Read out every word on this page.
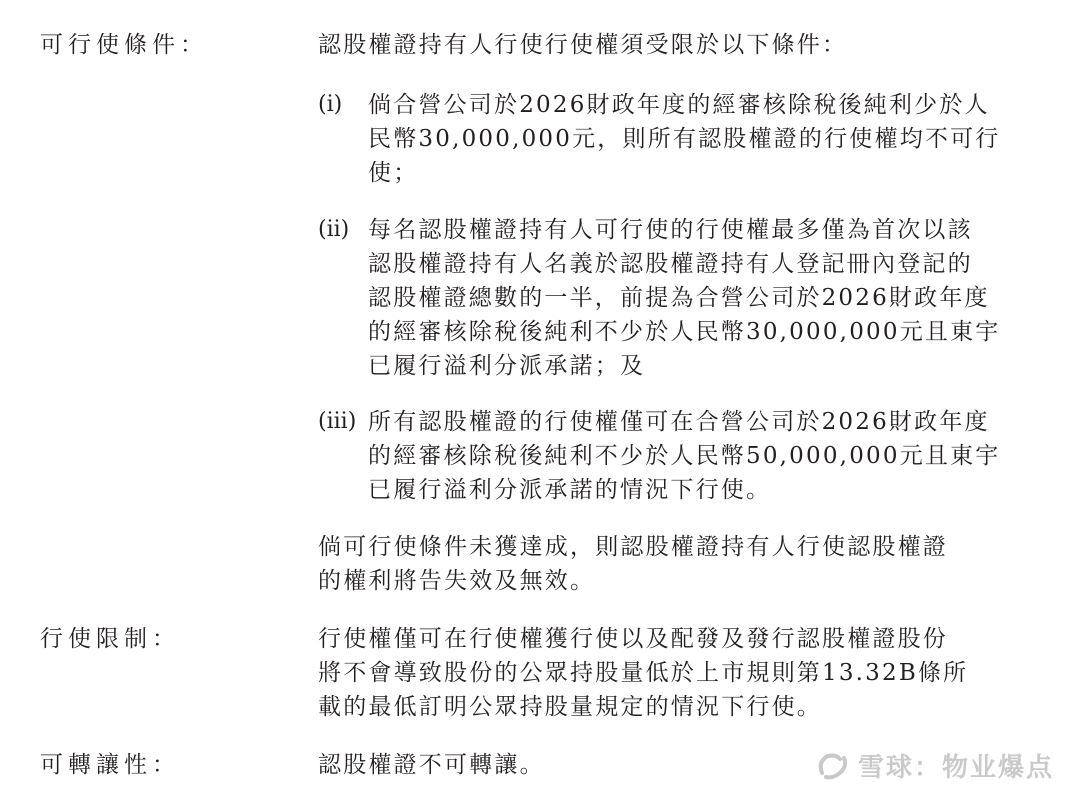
可行使條件：	認股權證持有人行使行使權須受限於以下條件：
(i) 倘合營公司於2026財政年度的經審核除稅後純利少於人
民幣30,000,000元，則所有認股權證的行使權均不可行
使；
(ii) 每名認股權證持有人可行使的行使權最多僅為首次以該
認股權證持有人名義於認股權證持有人登記冊內登記的
認股權證總數的一半，前提為合營公司於2026財政年度
的經審核除稅後純利不少於人民幣30,000,000元且東宇
已履行溢利分派承諾；及
(iii) 所有認股權證的行使權僅可在合營公司於2026財政年度
的經審核除稅後純利不少於人民幣50,000,000元且東宇
已履行溢利分派承諾的情況下行使。
倘可行使條件未獲達成，則認股權證持有人行使認股權證
的權利將告失效及無效。
行使限制：	行使權僅可在行使權獲行使以及配發及發行認股權證股份
將不會導致股份的公眾持股量低於上市規則第13.32B條所
載的最低訂明公眾持股量規定的情況下行使。
可轉讓性：	認股權證不可轉讓。	雪球：物业爆点
